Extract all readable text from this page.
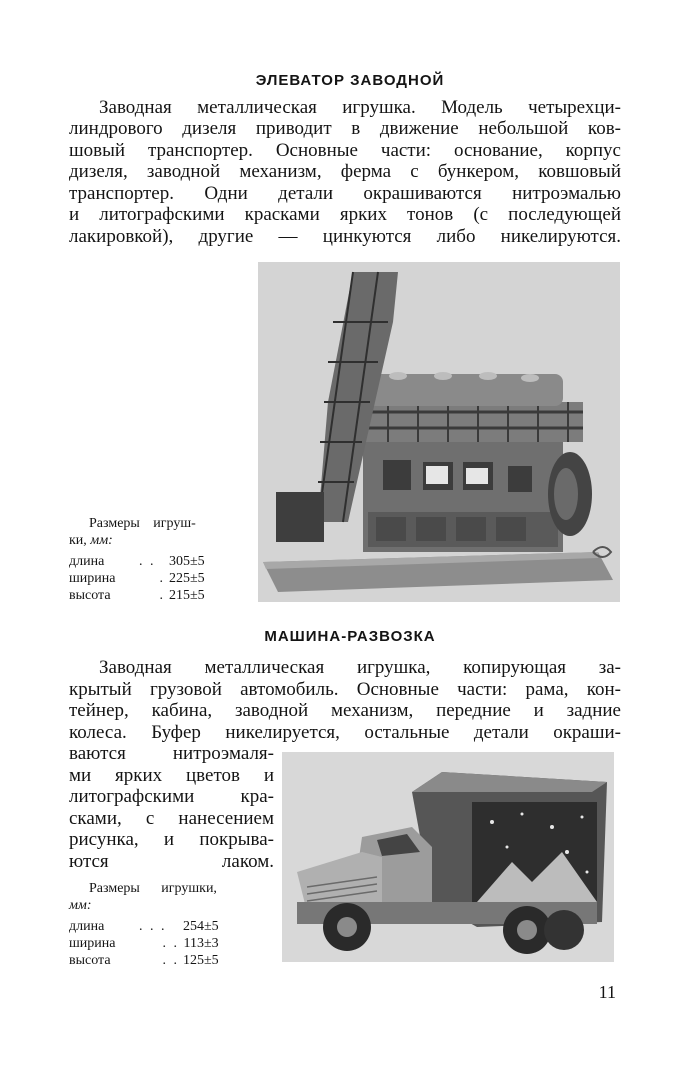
ЭЛЕВАТОР ЗАВОДНОЙ

Заводная металлическая игрушка. Модель четырехци-

линдрового дизеля приводит в движение небольшой ков-

шовый транспортер. Основные части: основание, корпус

дизеля, заводной механизм, ферма с бункером, ковшовый

транспортер. Одни детали окрашиваются нитроэмалью

и литографскими красками ярких тонов (с последующей

лакировкой), другие — цинкуются либо никелируются.

Размеры игруш-
ки, мм:
длина	. .	305±5
ширина	.	225±5
высота	.	215±5
МАШИНА-РАЗВОЗКА

Заводная металлическая игрушка, копирующая за-

крытый грузовой автомобиль. Основные части: рама, кон-

тейнер, кабина, заводной механизм, передние и задние

колеса. Буфер никелируется, остальные детали окраши-

ваются нитроэмаля-

ми ярких цветов и

литографскими кра-

сками, с нанесением

рисунка, и покрыва-

ются лаком.

Размеры игрушки,
мм:
длина	. . .	254±5
ширина	. .	113±3
высота	. .	125±5
11
